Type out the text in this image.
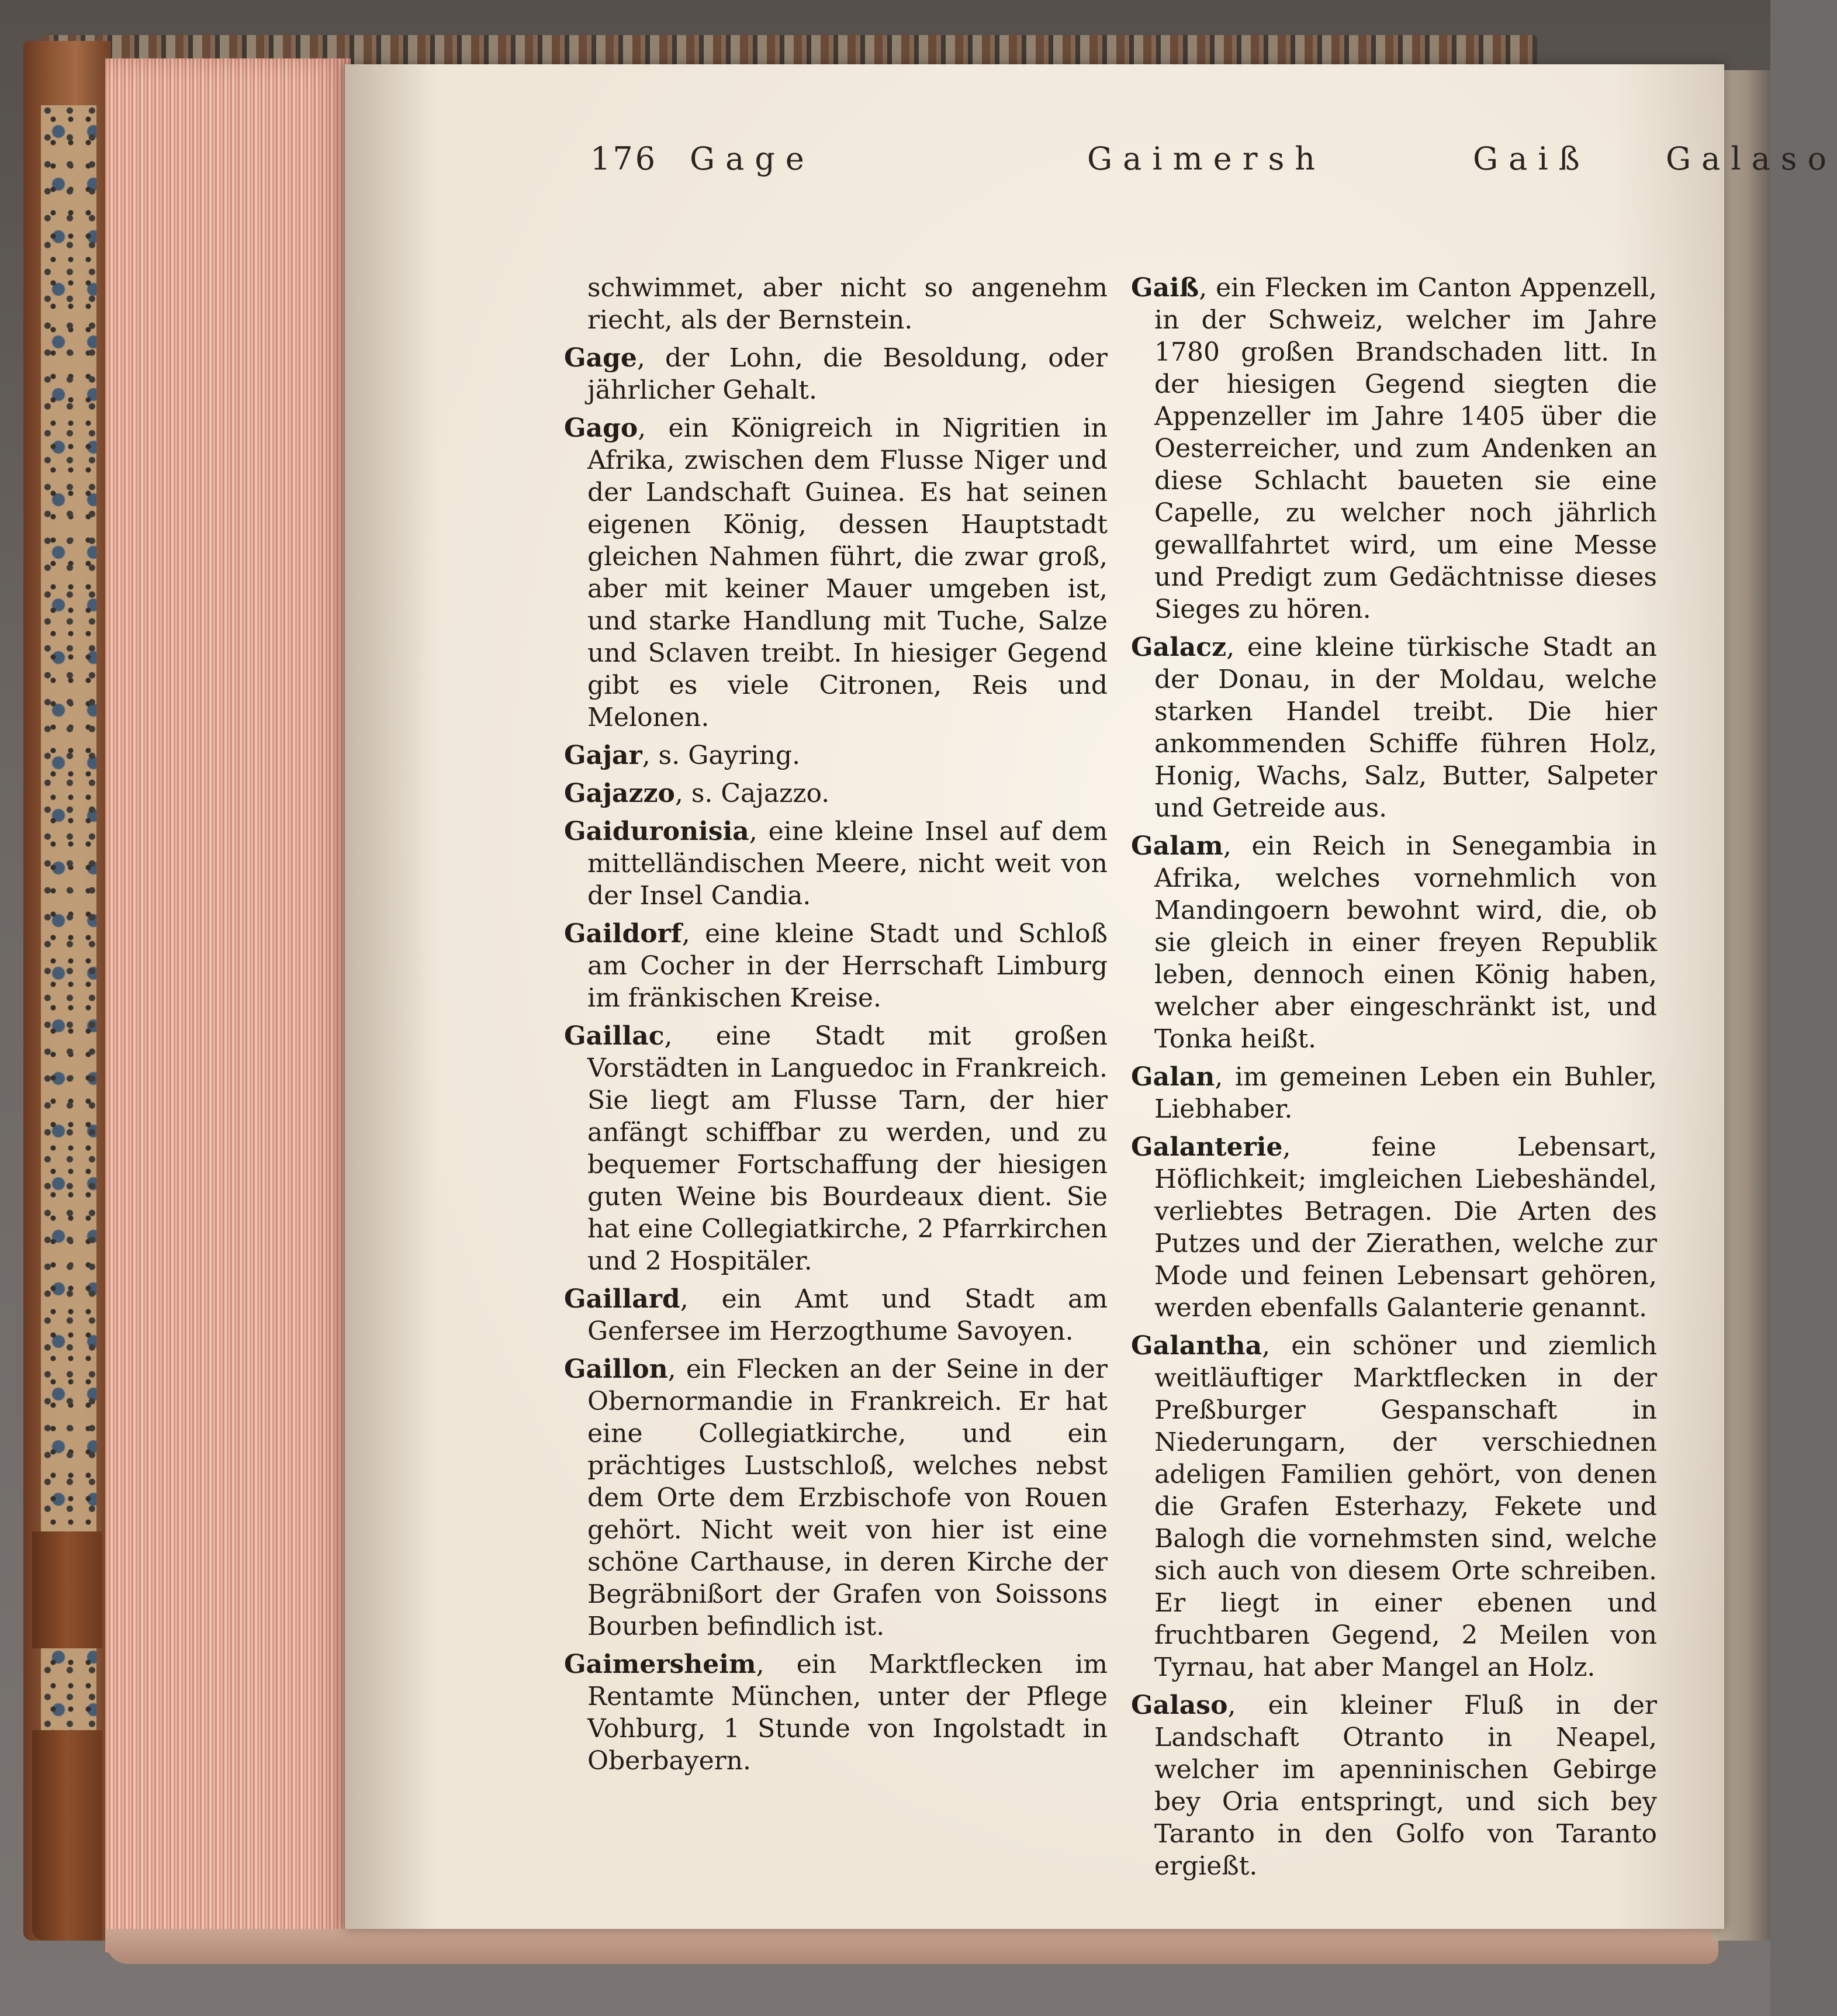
176 Gage	Gaimersh	Gaiß Galaso

schwimmet, aber nicht so angenehm riecht, als der Bernstein.

Gage, der Lohn, die Besoldung, oder jährlicher Gehalt.

Gago, ein Königreich in Nigritien in Afrika, zwischen dem Flusse Niger und der Landschaft Guinea. Es hat seinen eigenen König, dessen Hauptstadt gleichen Nahmen führt, die zwar groß, aber mit keiner Mauer umgeben ist, und starke Handlung mit Tuche, Salze und Sclaven treibt. In hiesiger Gegend gibt es viele Citronen, Reis und Melonen.

Gajar, s. Gayring.

Gajazzo, s. Cajazzo.

Gaiduronisia, eine kleine Insel auf dem mittelländischen Meere, nicht weit von der Insel Candia.

Gaildorf, eine kleine Stadt und Schloß am Cocher in der Herrschaft Limburg im fränkischen Kreise.

Gaillac, eine Stadt mit großen Vorstädten in Languedoc in Frankreich. Sie liegt am Flusse Tarn, der hier anfängt schiffbar zu werden, und zu bequemer Fortschaffung der hiesigen guten Weine bis Bourdeaux dient. Sie hat eine Collegiatkirche, 2 Pfarrkirchen und 2 Hospitäler.

Gaillard, ein Amt und Stadt am Genfersee im Herzogthume Savoyen.

Gaillon, ein Flecken an der Seine in der Obernormandie in Frankreich. Er hat eine Collegiatkirche, und ein prächtiges Lustschloß, welches nebst dem Orte dem Erzbischofe von Rouen gehört. Nicht weit von hier ist eine schöne Carthause, in deren Kirche der Begräbnißort der Grafen von Soissons Bourben befindlich ist.

Gaimersheim, ein Marktflecken im Rentamte München, unter der Pflege Vohburg, 1 Stunde von Ingolstadt in Oberbayern.

Gaiß, ein Flecken im Canton Appenzell, in der Schweiz, welcher im Jahre 1780 großen Brandschaden litt. In der hiesigen Gegend siegten die Appenzeller im Jahre 1405 über die Oesterreicher, und zum Andenken an diese Schlacht baueten sie eine Capelle, zu welcher noch jährlich gewallfahrtet wird, um eine Messe und Predigt zum Gedächtnisse dieses Sieges zu hören.

Galacz, eine kleine türkische Stadt an der Donau, in der Moldau, welche starken Handel treibt. Die hier ankommenden Schiffe führen Holz, Honig, Wachs, Salz, Butter, Salpeter und Getreide aus.

Galam, ein Reich in Senegambia in Afrika, welches vornehmlich von Mandingoern bewohnt wird, die, ob sie gleich in einer freyen Republik leben, dennoch einen König haben, welcher aber eingeschränkt ist, und Tonka heißt.

Galan, im gemeinen Leben ein Buhler, Liebhaber.

Galanterie, feine Lebensart, Höflichkeit; imgleichen Liebeshändel, verliebtes Betragen. Die Arten des Putzes und der Zierathen, welche zur Mode und feinen Lebensart gehören, werden ebenfalls Galanterie genannt.

Galantha, ein schöner und ziemlich weitläuftiger Marktflecken in der Preßburger Gespanschaft in Niederungarn, der verschiednen adeligen Familien gehört, von denen die Grafen Esterhazy, Fekete und Balogh die vornehmsten sind, welche sich auch von diesem Orte schreiben. Er liegt in einer ebenen und fruchtbaren Gegend, 2 Meilen von Tyrnau, hat aber Mangel an Holz.

Galaso, ein kleiner Fluß in der Landschaft Otranto in Neapel, welcher im apenninischen Gebirge bey Oria entspringt, und sich bey Taranto in den Golfo von Taranto ergießt.
